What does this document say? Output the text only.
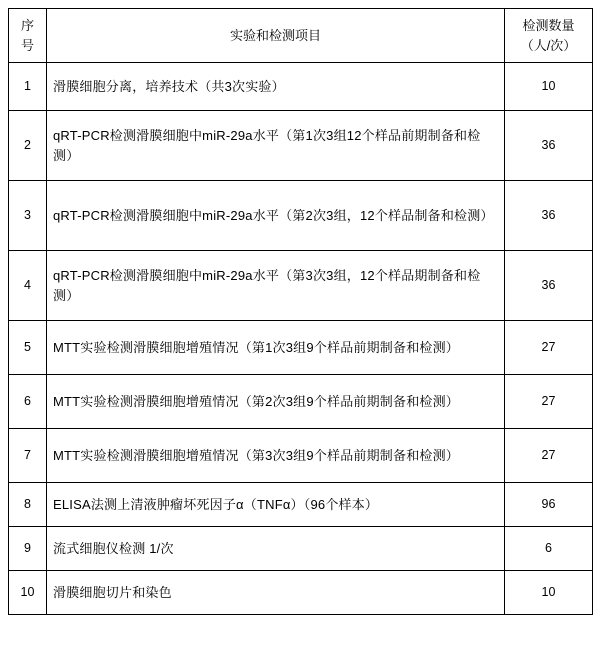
序号	实验和检测项目	检测数量
（人/次）

1	滑膜细胞分离，培养技术（共3次实验）	10
2	qRT-PCR检测滑膜细胞中miR-29a水平（第1次3组12个样品前期制备和检测）	36
3	qRT-PCR检测滑膜细胞中miR-29a水平（第2次3组，12个样品制备和检测）	36
4	qRT-PCR检测滑膜细胞中miR-29a水平（第3次3组，12个样品期制备和检测）	36
5	MTT实验检测滑膜细胞增殖情况（第1次3组9个样品前期制备和检测）	27
6	MTT实验检测滑膜细胞增殖情况（第2次3组9个样品前期制备和检测）	27
7	MTT实验检测滑膜细胞增殖情况（第3次3组9个样品前期制备和检测）	27
8	ELISA法测上清液肿瘤坏死因子α（TNFα）（96个样本）	96
9	流式细胞仪检测 1/次	6
10	滑膜细胞切片和染色	10
